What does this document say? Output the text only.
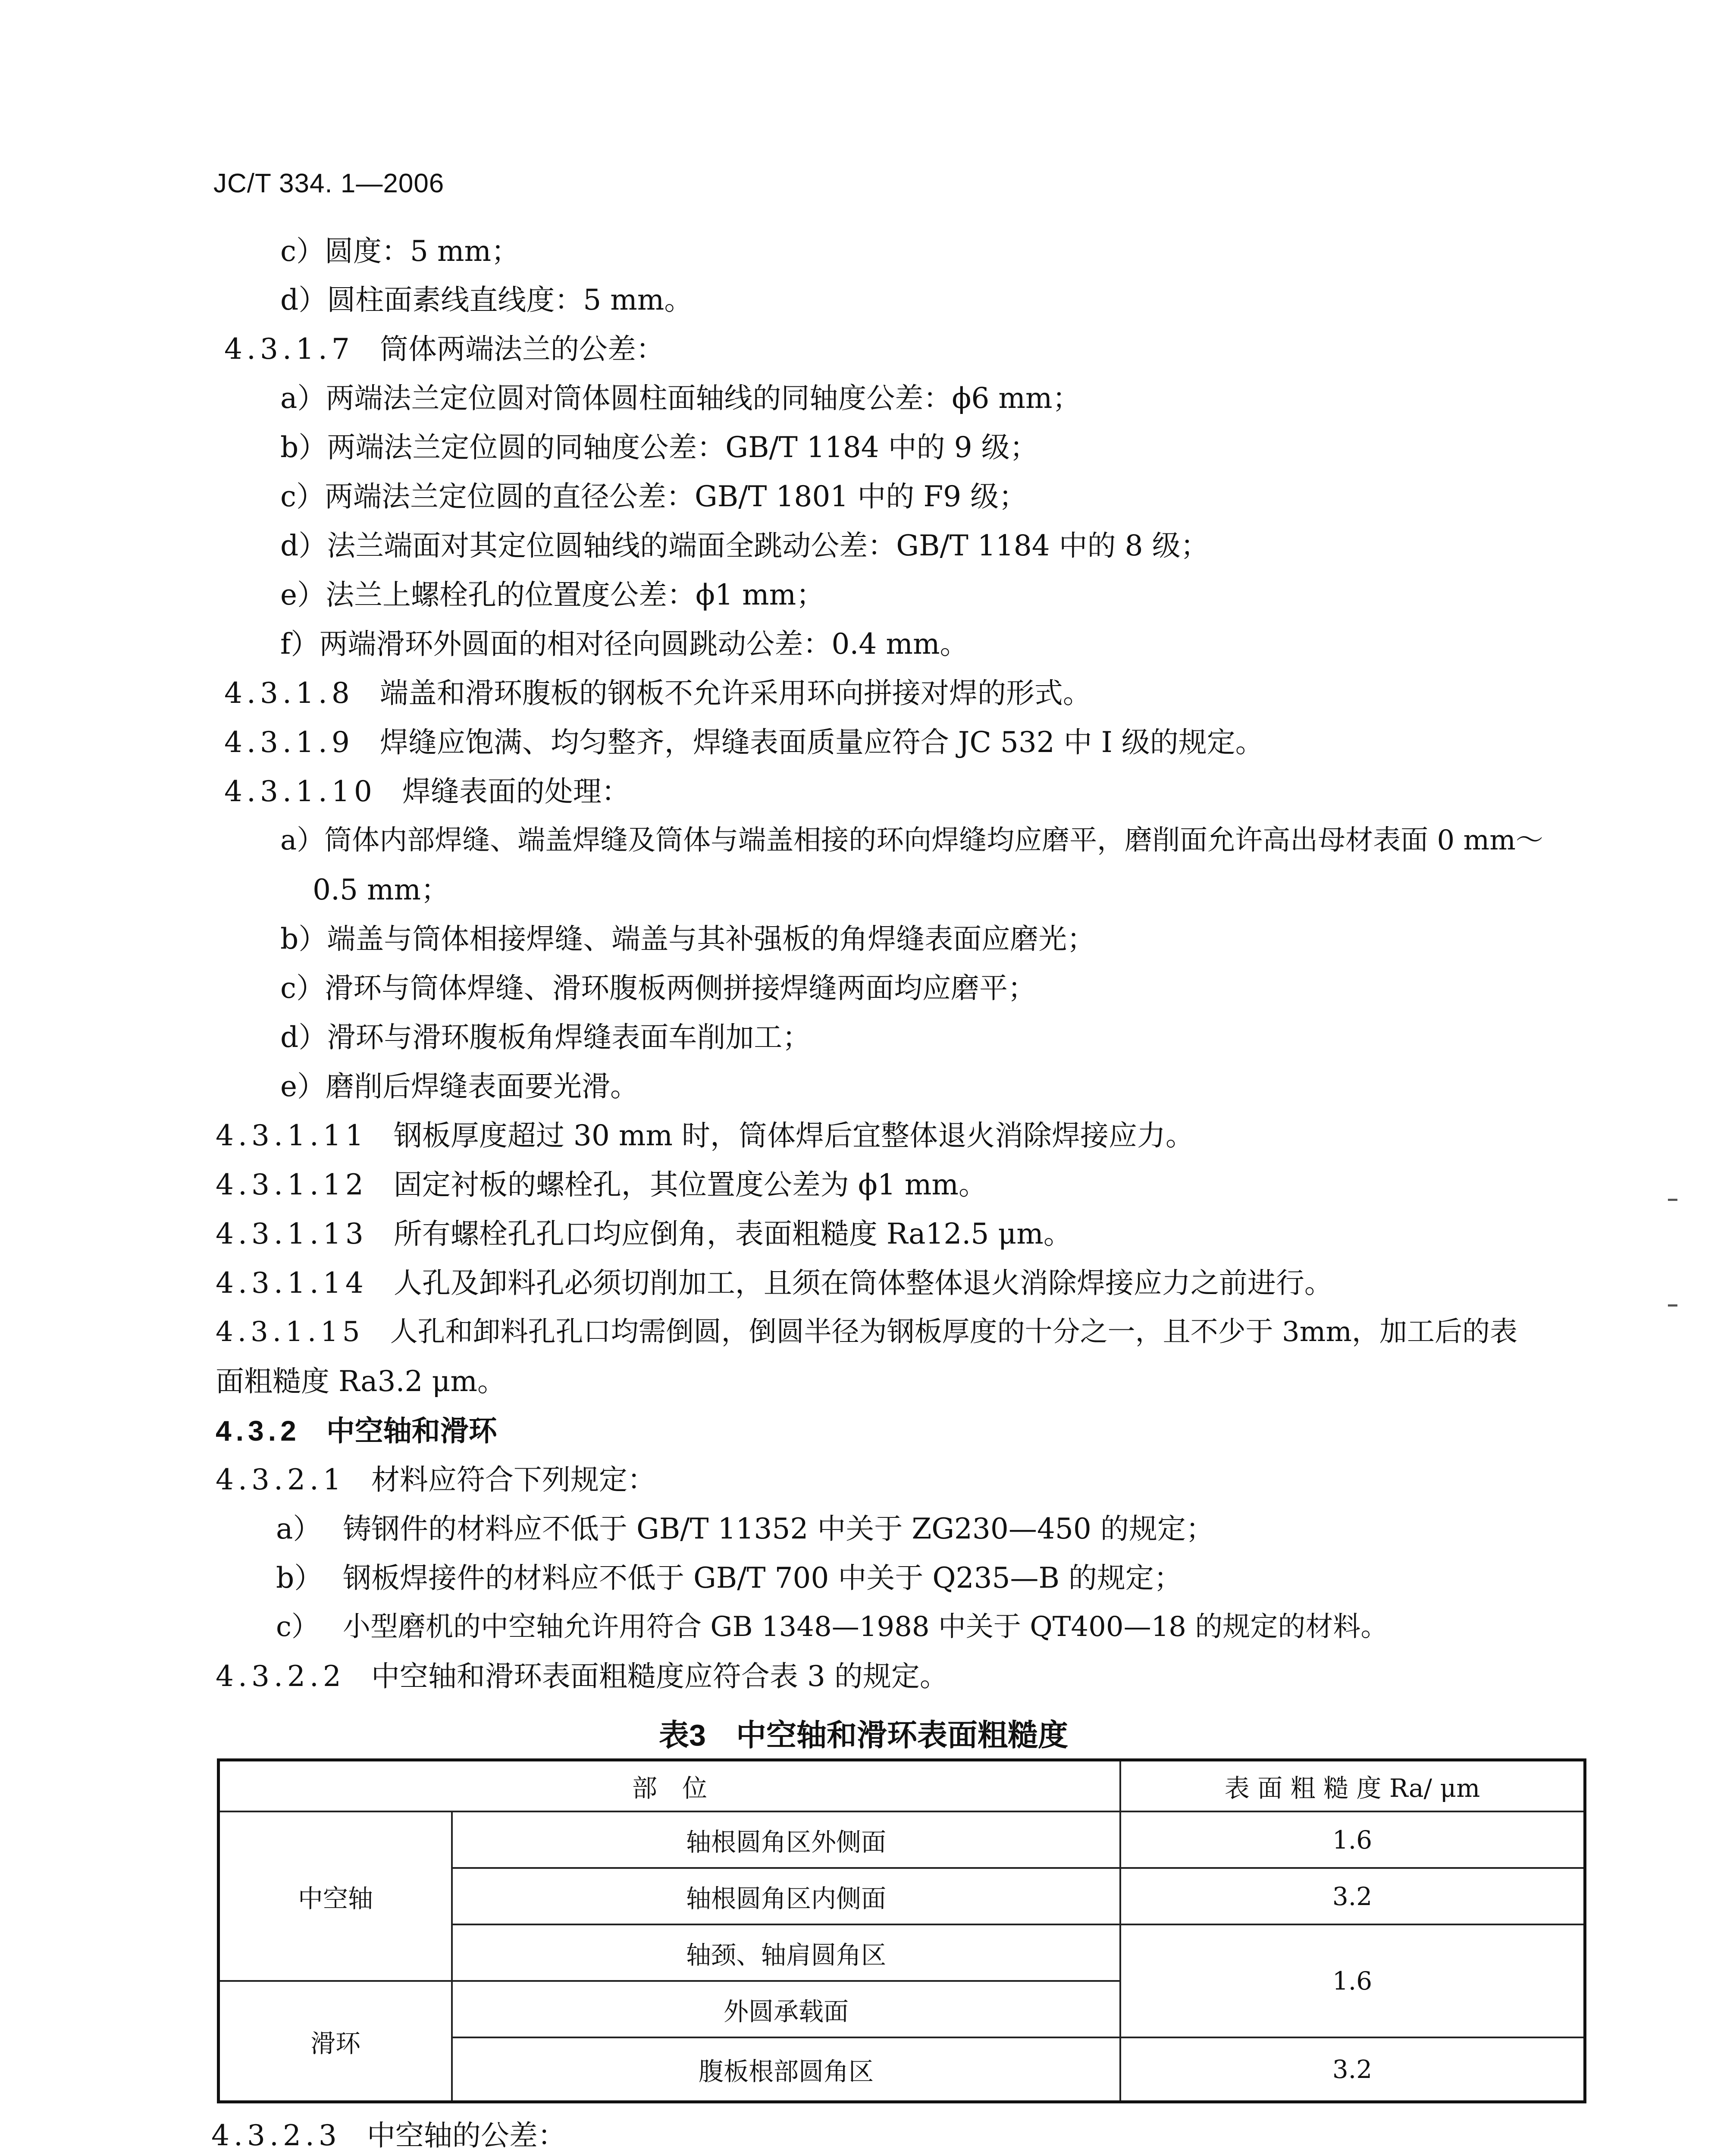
JC/T 334. 1—2006
c）圆度：5 mm；
d）圆柱面素线直线度：5 mm。
4.3.1.7 筒体两端法兰的公差：
a）两端法兰定位圆对筒体圆柱面轴线的同轴度公差：ϕ6 mm；
b）两端法兰定位圆的同轴度公差：GB/T 1184 中的 9 级；
c）两端法兰定位圆的直径公差：GB/T 1801 中的 F9 级；
d）法兰端面对其定位圆轴线的端面全跳动公差：GB/T 1184 中的 8 级；
e）法兰上螺栓孔的位置度公差：ϕ1 mm；
f）两端滑环外圆面的相对径向圆跳动公差：0.4 mm。
4.3.1.8 端盖和滑环腹板的钢板不允许采用环向拼接对焊的形式。
4.3.1.9 焊缝应饱满、均匀整齐，焊缝表面质量应符合 JC 532 中 I 级的规定。
4.3.1.10 焊缝表面的处理：
a）筒体内部焊缝、端盖焊缝及筒体与端盖相接的环向焊缝均应磨平，磨削面允许高出母材表面 0 mm～
0.5 mm；
b）端盖与筒体相接焊缝、端盖与其补强板的角焊缝表面应磨光；
c）滑环与筒体焊缝、滑环腹板两侧拼接焊缝两面均应磨平；
d）滑环与滑环腹板角焊缝表面车削加工；
e）磨削后焊缝表面要光滑。
4.3.1.11 钢板厚度超过 30 mm 时，筒体焊后宜整体退火消除焊接应力。
4.3.1.12 固定衬板的螺栓孔，其位置度公差为 ϕ1 mm。
4.3.1.13 所有螺栓孔孔口均应倒角，表面粗糙度 Ra12.5 μm。
4.3.1.14 人孔及卸料孔必须切削加工，且须在筒体整体退火消除焊接应力之前进行。
4.3.1.15 人孔和卸料孔孔口均需倒圆，倒圆半径为钢板厚度的十分之一，且不少于 3mm，加工后的表
面粗糙度 Ra3.2 μm。
4.3.2 中空轴和滑环
4.3.2.1 材料应符合下列规定：
a） 铸钢件的材料应不低于 GB/T 11352 中关于 ZG230—450 的规定；
b） 钢板焊接件的材料应不低于 GB/T 700 中关于 Q235—B 的规定；
c） 小型磨机的中空轴允许用符合 GB 1348—1988 中关于 QT400—18 的规定的材料。
4.3.2.2 中空轴和滑环表面粗糙度应符合表 3 的规定。
表3　中空轴和滑环表面粗糙度
部　位	表 面 粗 糙 度 Ra/ μm
中空轴
滑环
轴根圆角区外侧面
轴根圆角区内侧面
轴颈、轴肩圆角区
外圆承载面
腹板根部圆角区
1.6
3.2
1.6
3.2
4.3.2.3 中空轴的公差：
